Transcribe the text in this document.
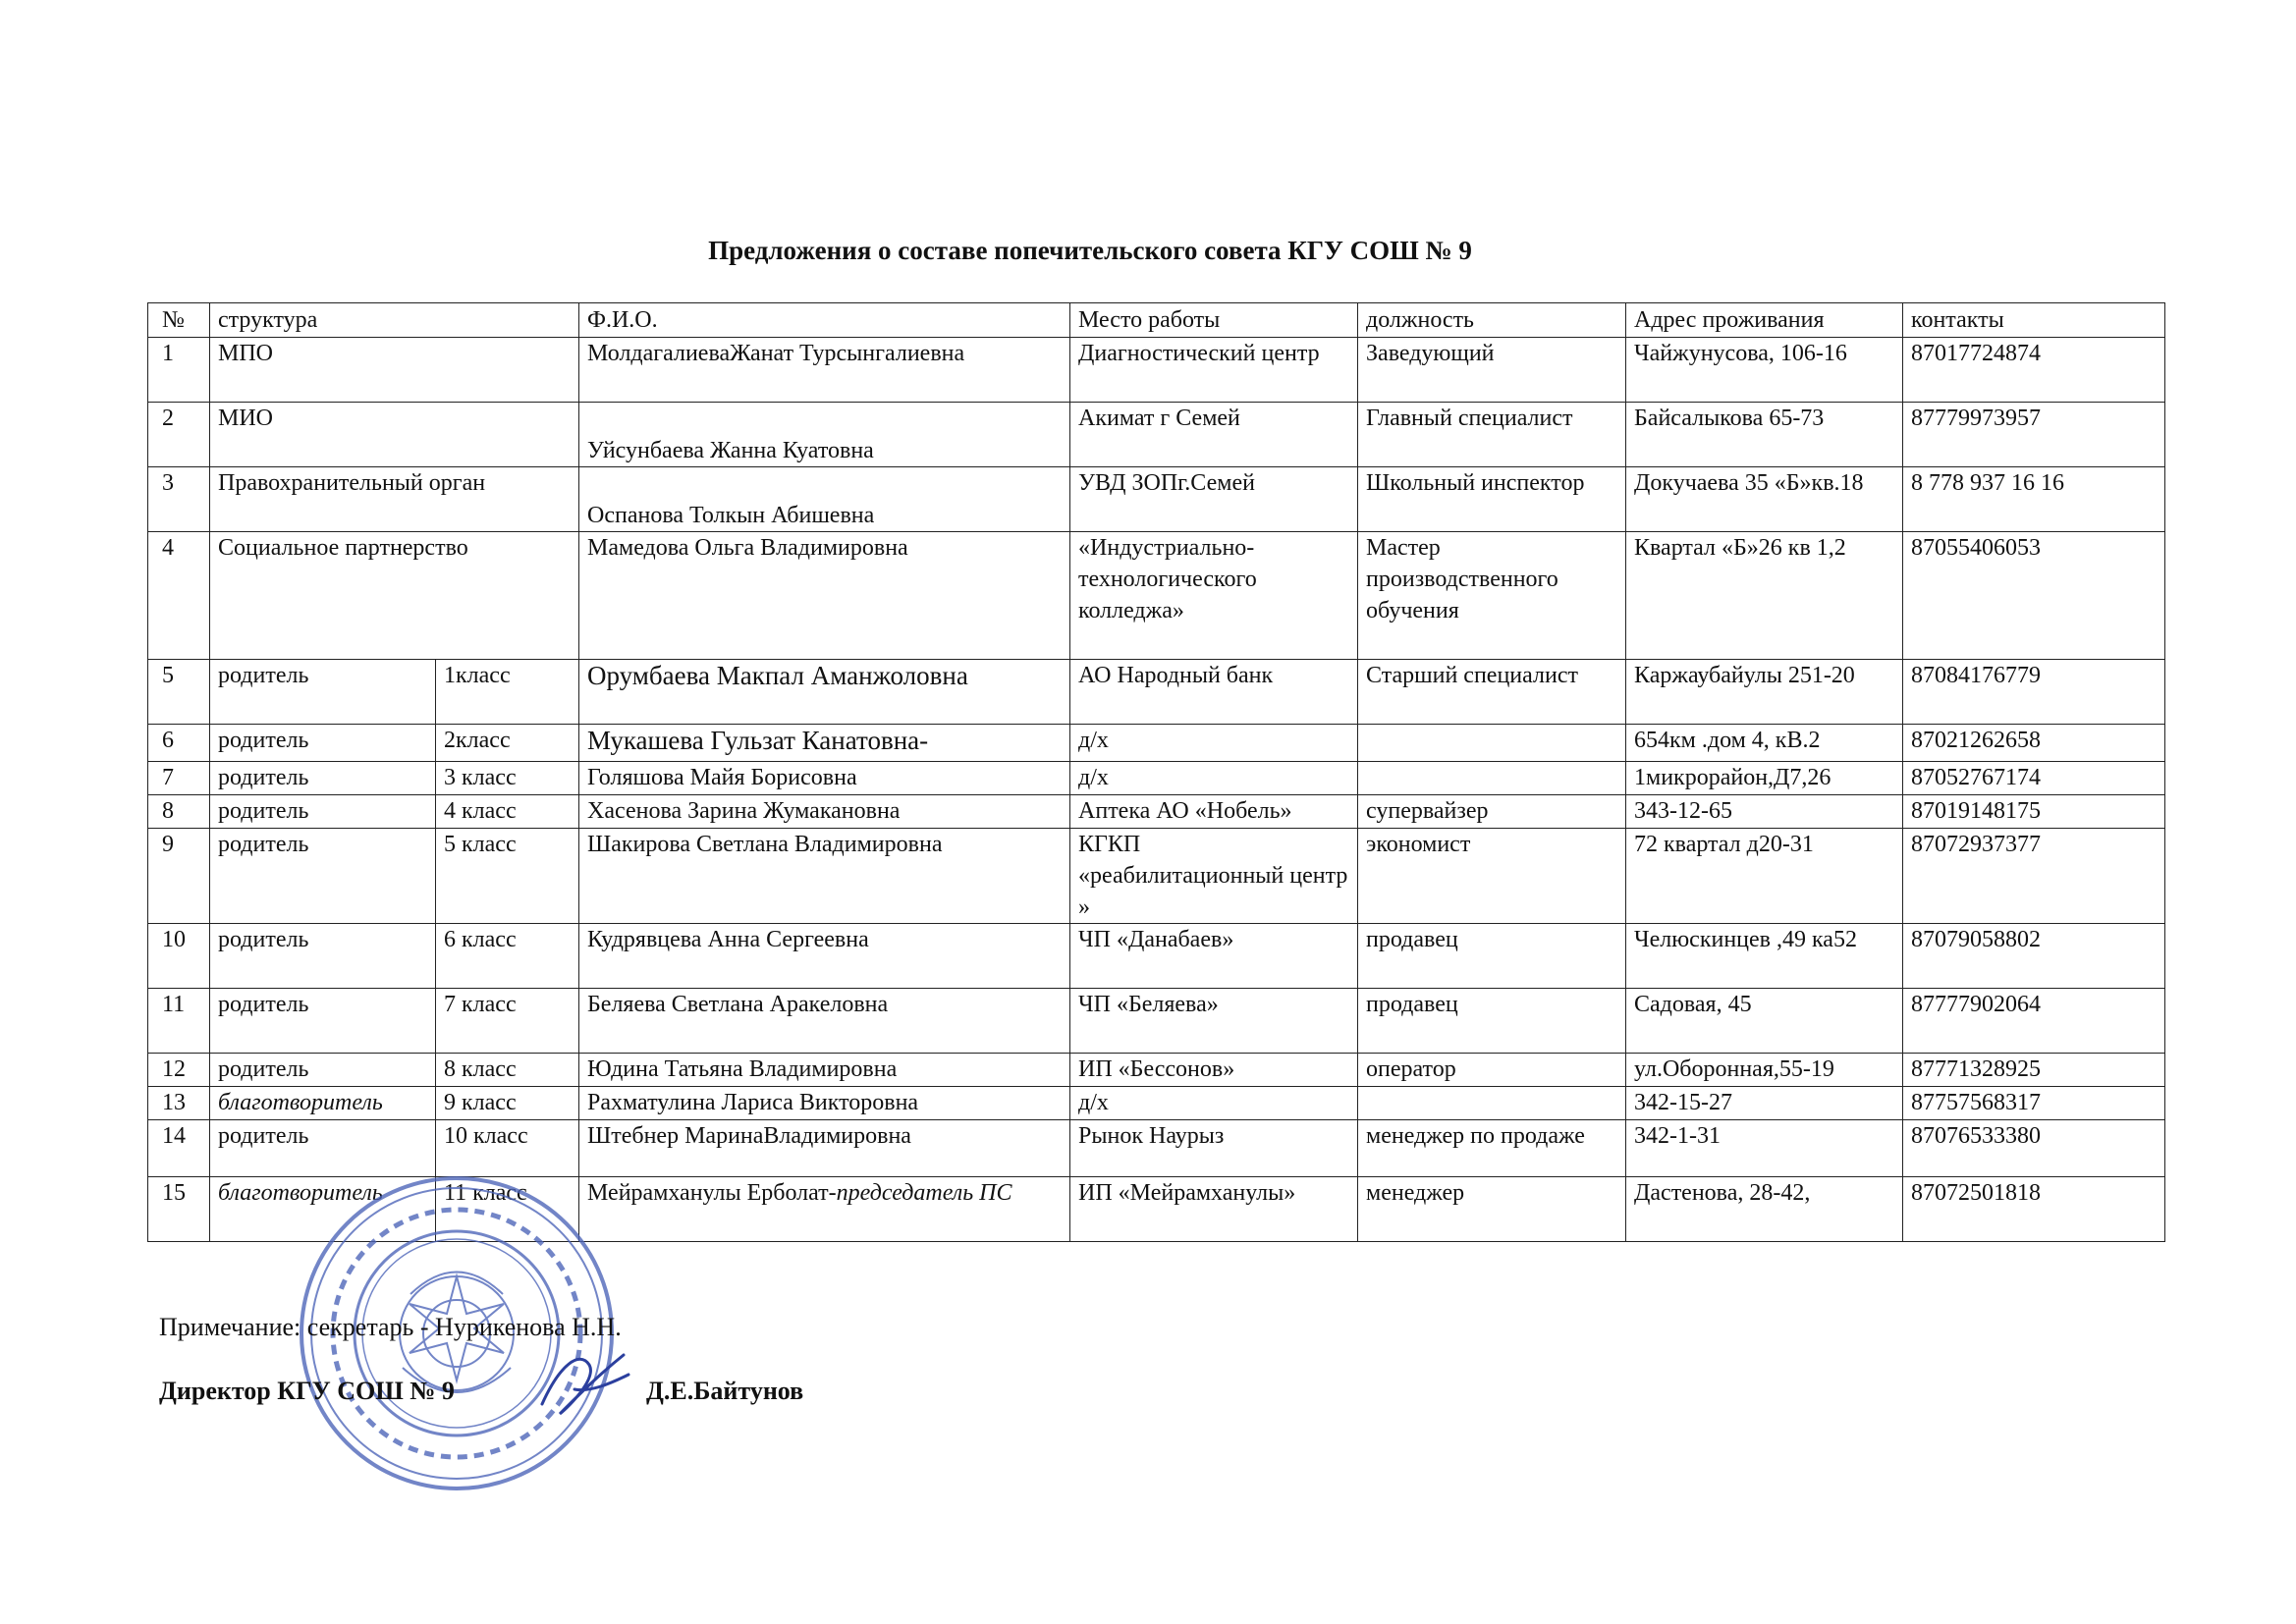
Предложения о составе попечительского совета КГУ СОШ № 9
№	структура		Ф.И.О.	Место работы	должность	Адрес проживания	контакты
1	МПО		МолдагалиеваЖанат Турсынгалиевна	Диагностический центр	Заведующий	Чайжунусова, 106-16	87017724874
2	МИО		Уйсунбаева Жанна Куатовна	Акимат г Семей	Главный специалист	Байсалыкова 65-73	87779973957
3	Правохранительный орган		Оспанова Толкын Абишевна	УВД ЗОПг.Семей	Школьный инспектор	Докучаева 35 «Б»кв.18	8 778 937 16 16
4	Социальное партнерство		Мамедова Ольга Владимировна	«Индустриально-технологического колледжа»	Мастер производственного обучения	Квартал «Б»26 кв 1,2	87055406053
5	родитель	1класс	Орумбаева Макпал Аманжоловна	АО Народный банк	Старший специалист	Каржаубайулы 251-20	87084176779
6	родитель	2класс	Мукашева Гульзат Канатовна-	д/х		654км .дом 4, кВ.2	87021262658
7	родитель	3 класс	Голяшова Майя Борисовна	д/х		1микрорайон,Д7,26	87052767174
8	родитель	4 класс	Хасенова Зарина Жумакановна	Аптека АО «Нобель»	супервайзер	343-12-65	87019148175
9	родитель	5 класс	Шакирова Светлана Владимировна	КГКП «реабилитационный центр »	экономист	72 квартал д20-31	87072937377
10	родитель	6 класс	Кудрявцева Анна Сергеевна	ЧП «Данабаев»	продавец	Челюскинцев ,49 ка52	87079058802
11	родитель	7 класс	Беляева Светлана Аракеловна	ЧП «Беляева»	продавец	Садовая, 45	87777902064
12	родитель	8 класс	Юдина Татьяна Владимировна	ИП «Бессонов»	оператор	ул.Оборонная,55-19	87771328925
13	благотворитель	9 класс	Рахматулина Лариса Викторовна	д/х		342-15-27	87757568317
14	родитель	10 класс	Штебнер МаринаВладимировна	Рынок Наурыз	менеджер по продаже	342-1-31	87076533380
15	благотворитель	11 класс	Мейрамханулы Ерболат-председатель ПС	ИП «Мейрамханулы»	менеджер	Дастенова, 28-42,	87072501818
Примечание: секретарь - Нурикенова Н.Н.
Директор КГУ СОШ № 9	Д.Е.Байтунов
